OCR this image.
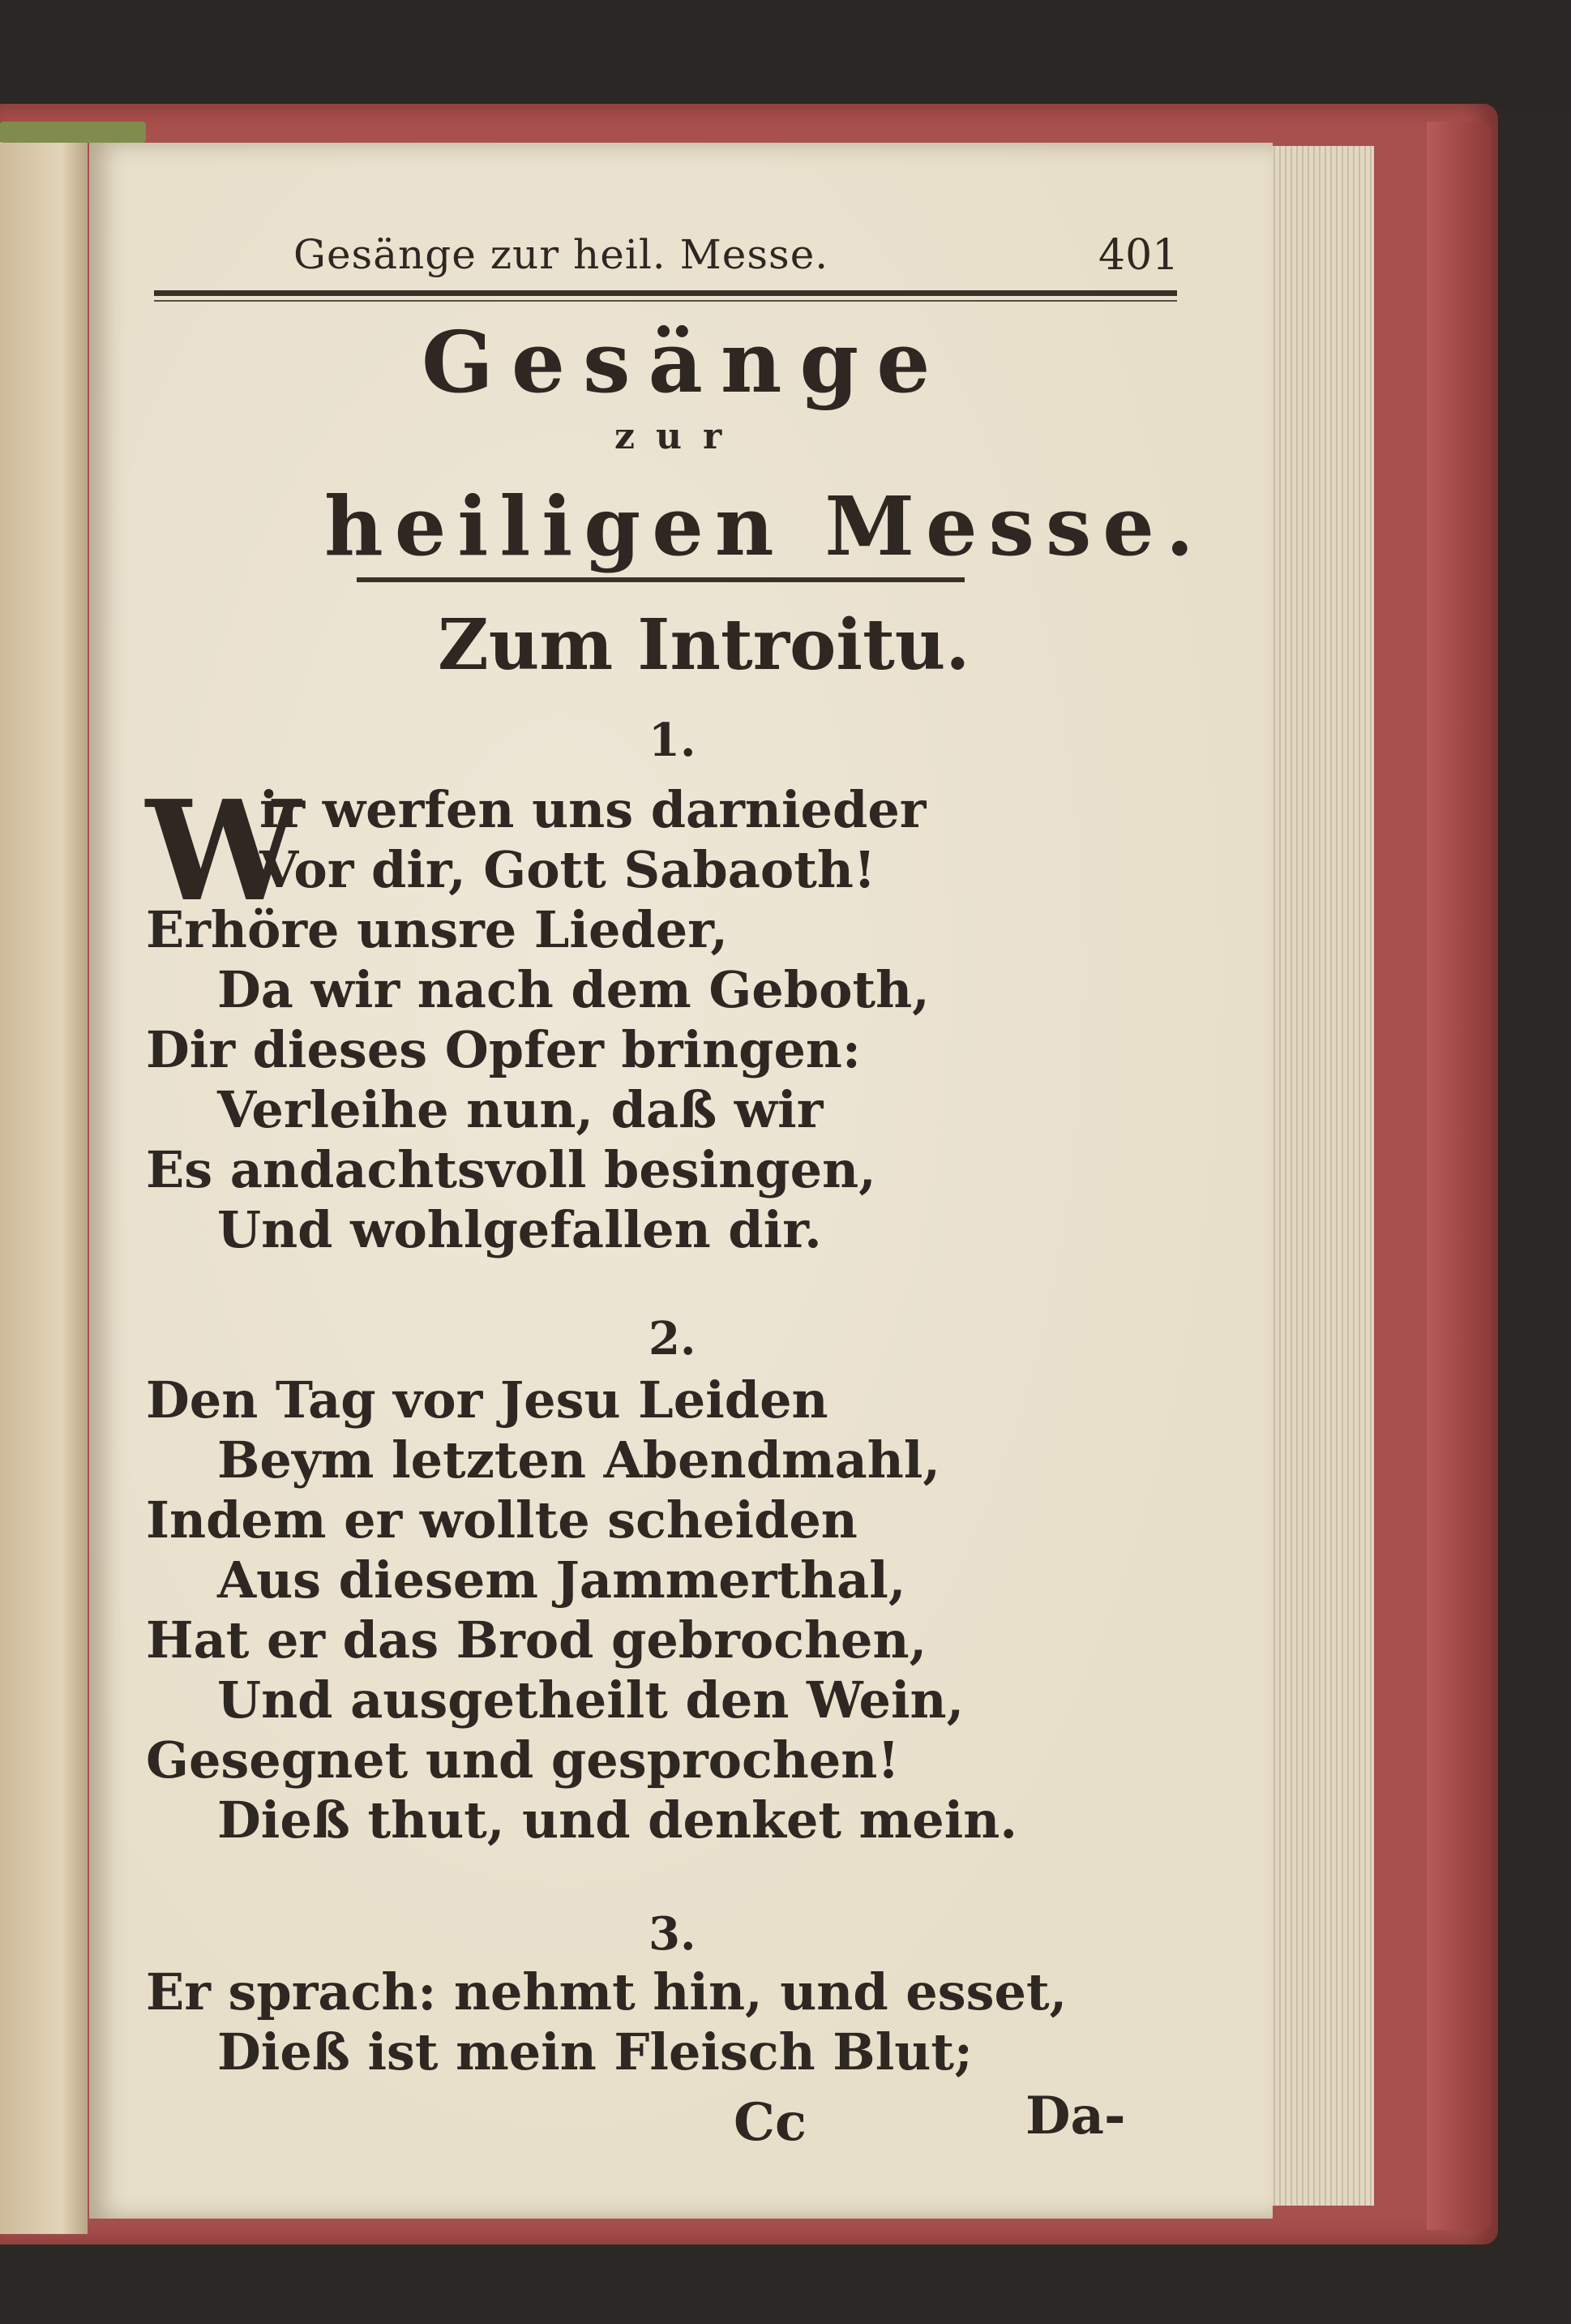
Gesänge zur heil. Messe.	401
Gesänge
zur
heiligen Messe.
Zum Introitu.
1.
W
ir werfen uns darnieder
Vor dir, Gott Sabaoth!
Erhöre unsre Lieder,
Da wir nach dem Geboth,
Dir dieses Opfer bringen:
Verleihe nun, daß wir
Es andachtsvoll besingen,
Und wohlgefallen dir.
2.
Den Tag vor Jesu Leiden
Beym letzten Abendmahl,
Indem er wollte scheiden
Aus diesem Jammerthal,
Hat er das Brod gebrochen,
Und ausgetheilt den Wein,
Gesegnet und gesprochen!
Dieß thut, und denket mein.
3.
Er sprach: nehmt hin, und esset,
Dieß ist mein Fleisch Blut;
Cc	Da-
